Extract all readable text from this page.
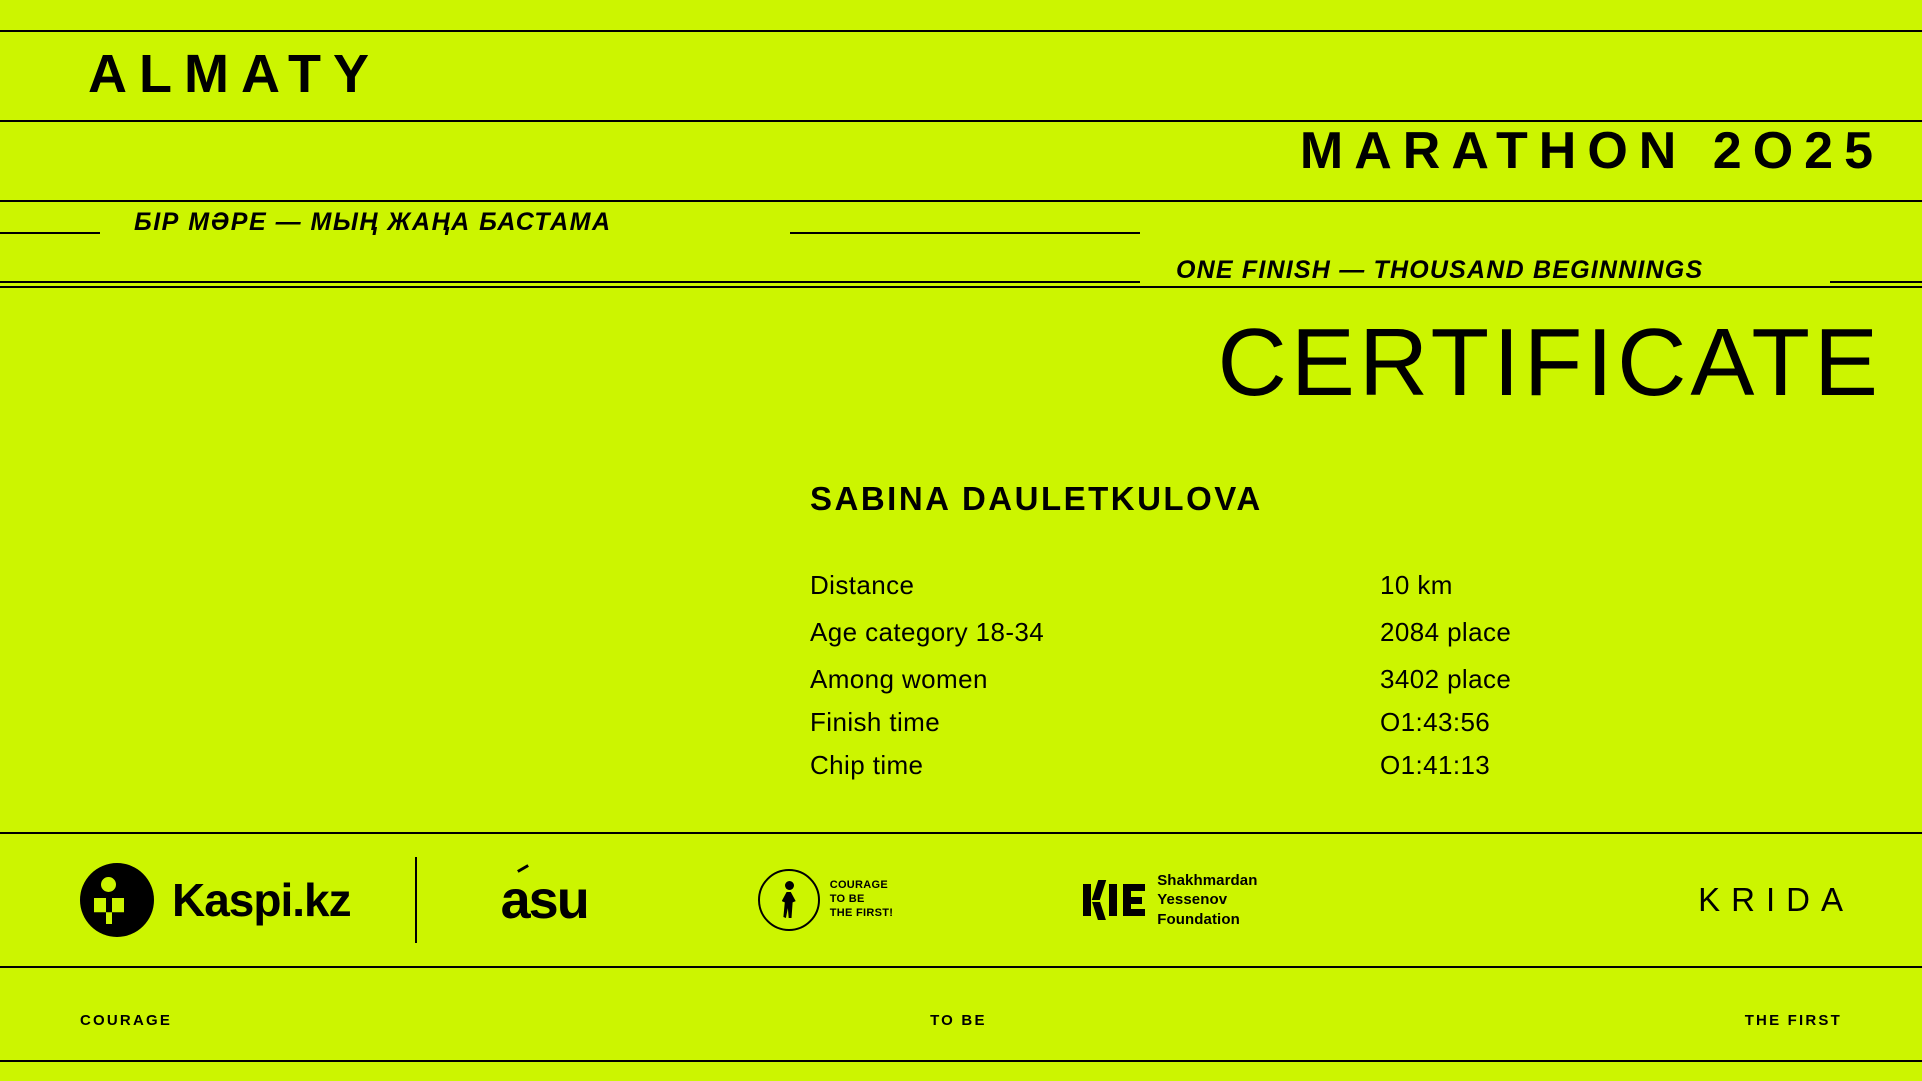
ALMATY
MARATHON 2O25
БІР МӘРЕ — МЫҢ ЖАҢА БАСТАМА
ONE FINISH — THOUSAND BEGINNINGS
CERTIFICATE
SABINA DAULETKULOVA
Distance	10 km
Age category 18-34	2084 place
Among women	3402 place
Finish time	O1:43:56
Chip time	O1:41:13
Kaspi.kz	asu	COURAGE
TO BE
THE FIRST!
Shakhmardan
Yessenov
Foundation
KRIDA
COURAGE	TO BE	THE FIRST
